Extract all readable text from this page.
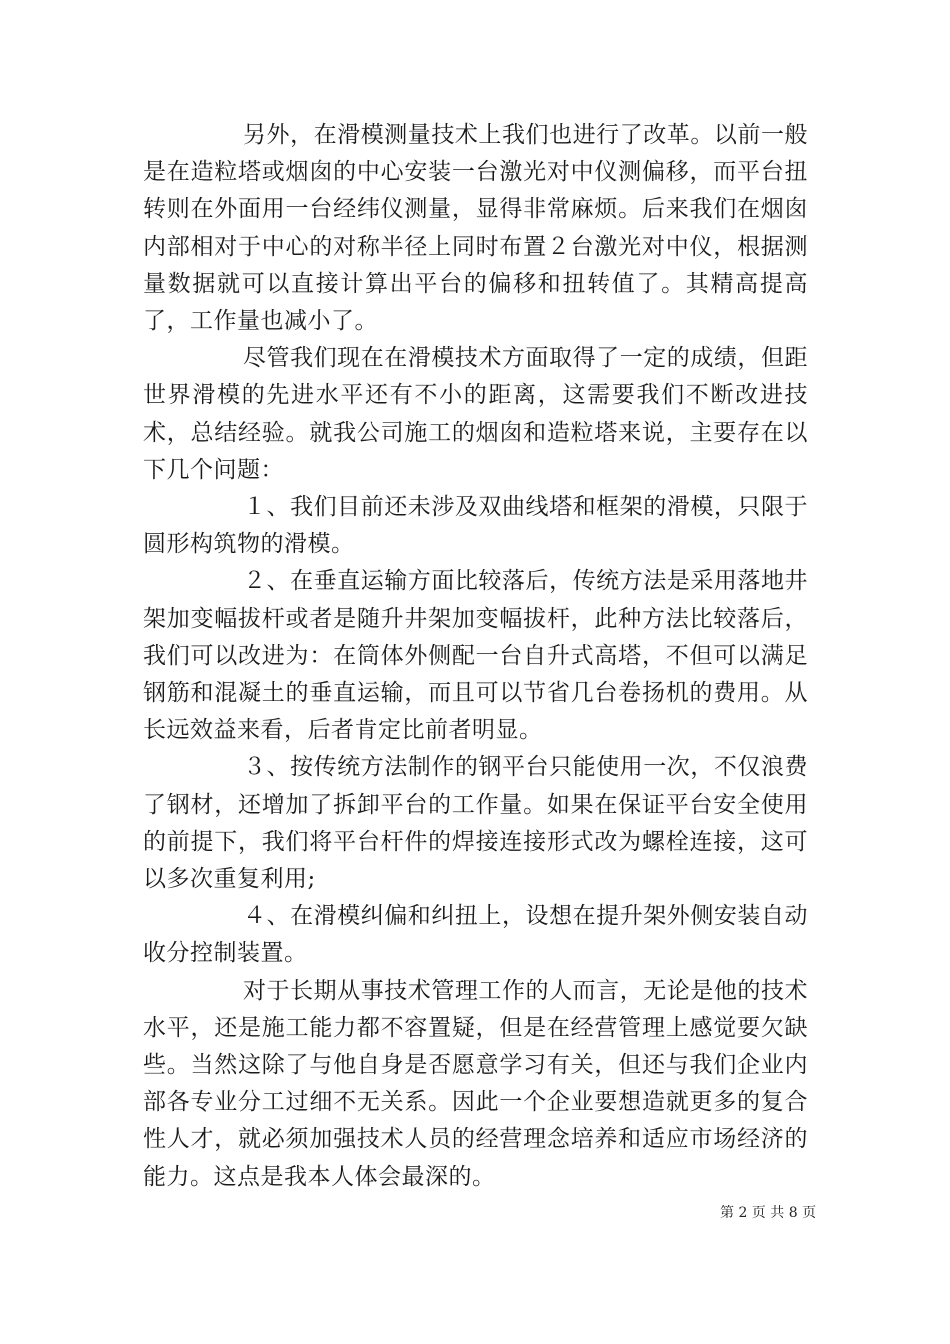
另外，在滑模测量技术上我们也进行了改革。以前一般是在造粒塔或烟囱的中心安装一台激光对中仪测偏移，而平台扭转则在外面用一台经纬仪测量，显得非常麻烦。后来我们在烟囱内部相对于中心的对称半径上同时布置２台激光对中仪，根据测量数据就可以直接计算出平台的偏移和扭转值了。其精高提高了，工作量也减小了。

尽管我们现在在滑模技术方面取得了一定的成绩，但距世界滑模的先进水平还有不小的距离，这需要我们不断改进技术，总结经验。就我公司施工的烟囱和造粒塔来说，主要存在以下几个问题：

１、我们目前还未涉及双曲线塔和框架的滑模，只限于圆形构筑物的滑模。

２、在垂直运输方面比较落后，传统方法是采用落地井架加变幅拔杆或者是随升井架加变幅拔杆，此种方法比较落后，我们可以改进为：在筒体外侧配一台自升式高塔，不但可以满足钢筋和混凝土的垂直运输，而且可以节省几台卷扬机的费用。从长远效益来看，后者肯定比前者明显。

３、按传统方法制作的钢平台只能使用一次，不仅浪费了钢材，还增加了拆卸平台的工作量。如果在保证平台安全使用的前提下，我们将平台杆件的焊接连接形式改为螺栓连接，这可以多次重复利用;

４、在滑模纠偏和纠扭上，设想在提升架外侧安装自动收分控制装置。

对于长期从事技术管理工作的人而言，无论是他的技术水平，还是施工能力都不容置疑，但是在经营管理上感觉要欠缺些。当然这除了与他自身是否愿意学习有关，但还与我们企业内部各专业分工过细不无关系。因此一个企业要想造就更多的复合性人才，就必须加强技术人员的经营理念培养和适应市场经济的能力。这点是我本人体会最深的。

第 2 页 共 8 页
